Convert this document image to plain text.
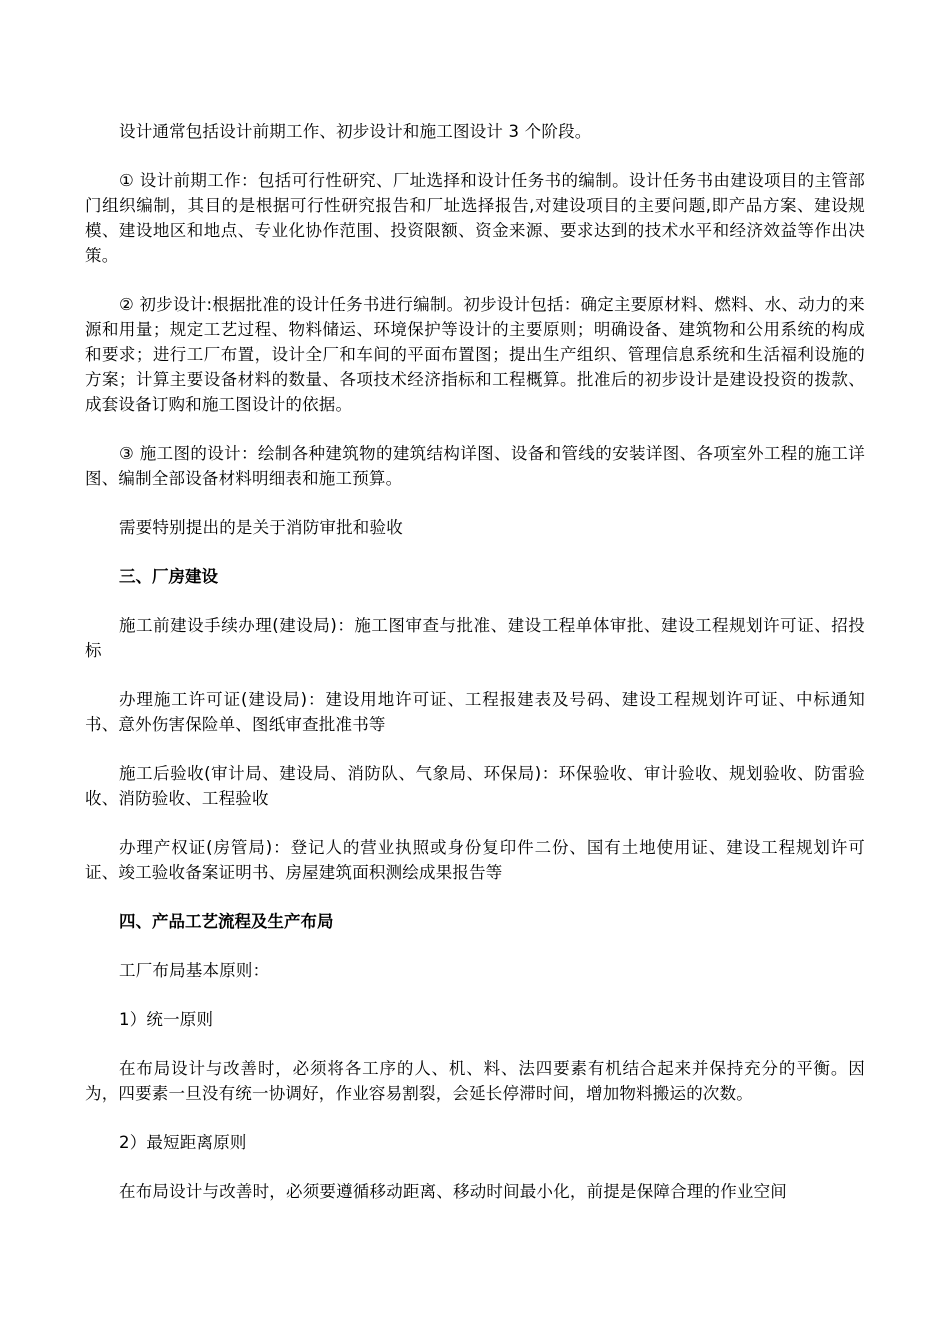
设计通常包括设计前期工作、初步设计和施工图设计 3 个阶段。

① 设计前期工作：包括可行性研究、厂址选择和设计任务书的编制。设计任务书由建设项目的主管部门组织编制，其目的是根据可行性研究报告和厂址选择报告,对建设项目的主要问题,即产品方案、建设规模、建设地区和地点、专业化协作范围、投资限额、资金来源、要求达到的技术水平和经济效益等作出决策。

② 初步设计:根据批准的设计任务书进行编制。初步设计包括：确定主要原材料、燃料、水、动力的来源和用量；规定工艺过程、物料储运、环境保护等设计的主要原则；明确设备、建筑物和公用系统的构成和要求；进行工厂布置，设计全厂和车间的平面布置图；提出生产组织、管理信息系统和生活福利设施的方案；计算主要设备材料的数量、各项技术经济指标和工程概算。批准后的初步设计是建设投资的拨款、成套设备订购和施工图设计的依据。

③ 施工图的设计：绘制各种建筑物的建筑结构详图、设备和管线的安装详图、各项室外工程的施工详图、编制全部设备材料明细表和施工预算。

需要特别提出的是关于消防审批和验收

三、厂房建设

施工前建设手续办理(建设局)：施工图审查与批准、建设工程单体审批、建设工程规划许可证、招投标

办理施工许可证(建设局)：建设用地许可证、工程报建表及号码、建设工程规划许可证、中标通知书、意外伤害保险单、图纸审查批准书等

施工后验收(审计局、建设局、消防队、气象局、环保局)：环保验收、审计验收、规划验收、防雷验收、消防验收、工程验收

办理产权证(房管局)：登记人的营业执照或身份复印件二份、国有土地使用证、建设工程规划许可证、竣工验收备案证明书、房屋建筑面积测绘成果报告等

四、产品工艺流程及生产布局

工厂布局基本原则：

1）统一原则

在布局设计与改善时，必须将各工序的人、机、料、法四要素有机结合起来并保持充分的平衡。因为，四要素一旦没有统一协调好，作业容易割裂，会延长停滞时间，增加物料搬运的次数。

2）最短距离原则

在布局设计与改善时，必须要遵循移动距离、移动时间最小化，前提是保障合理的作业空间
